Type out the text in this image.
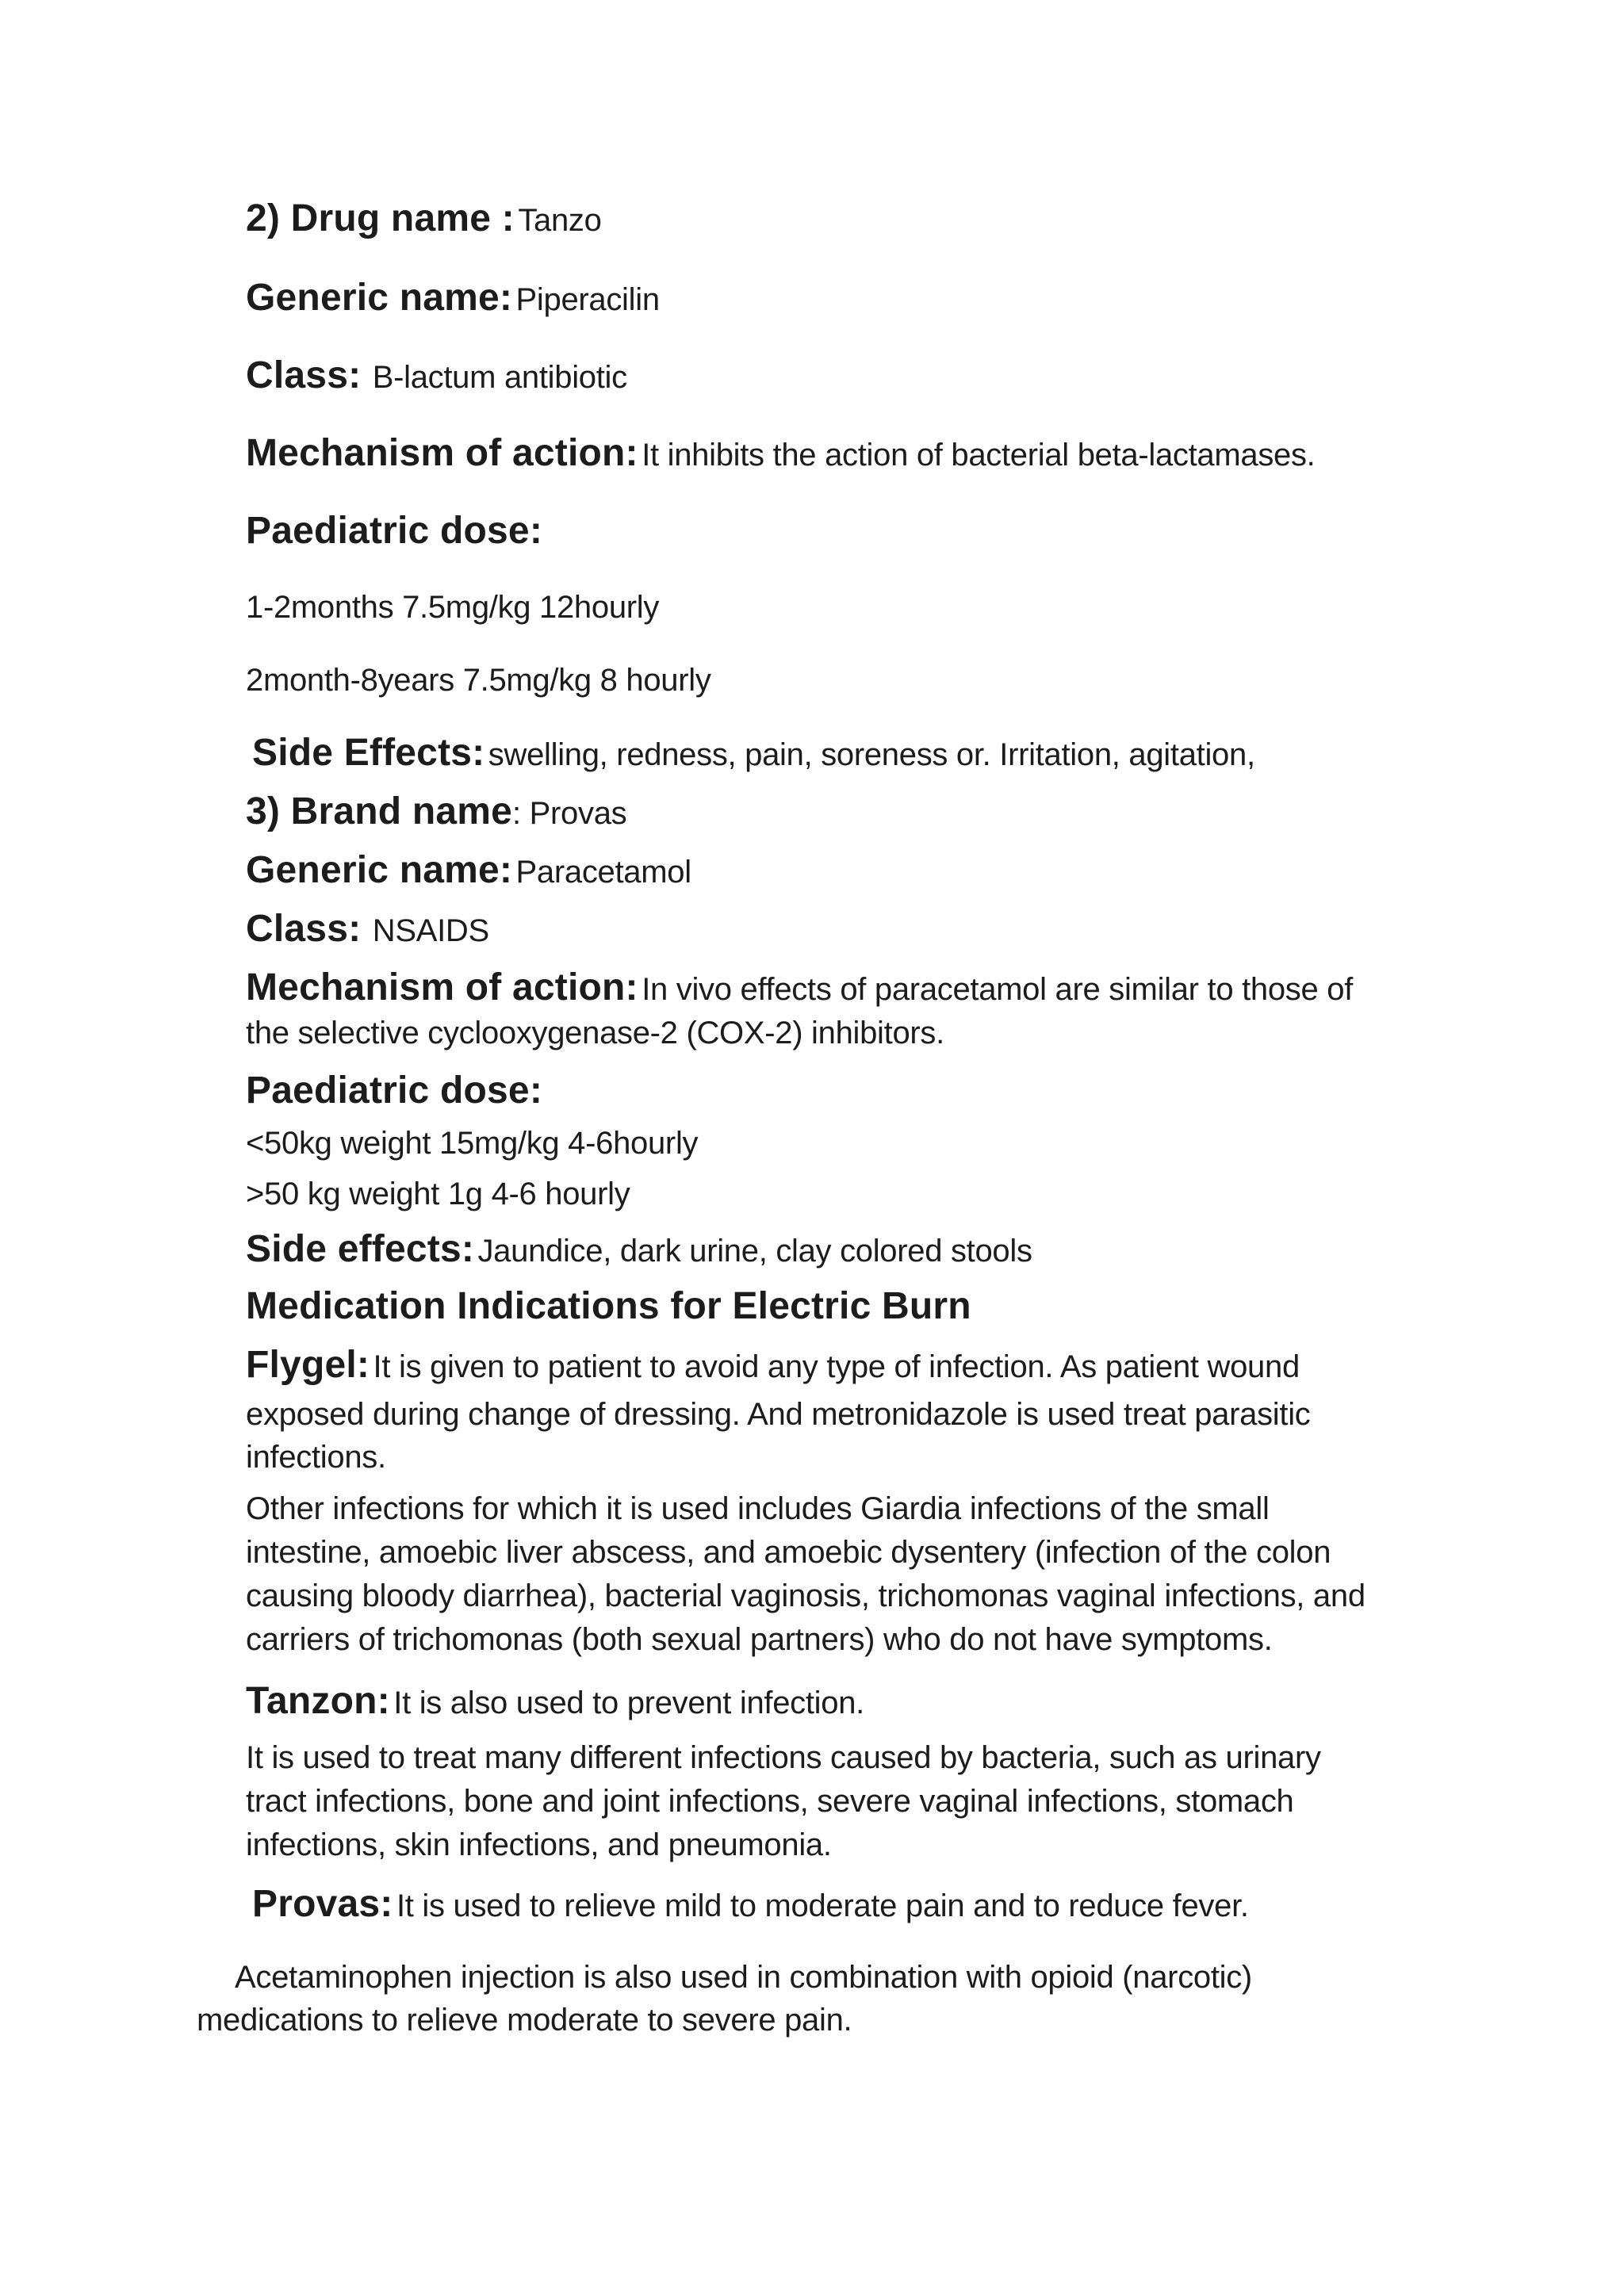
2) Drug name : Tanzo
Generic name: Piperacilin
Class: B-lactum antibiotic
Mechanism of action: It inhibits the action of bacterial beta-lactamases.
Paediatric dose:
1-2months 7.5mg/kg 12hourly
2month-8years 7.5mg/kg 8 hourly
Side Effects: swelling, redness, pain, soreness or. Irritation, agitation,
3) Brand name: Provas
Generic name: Paracetamol
Class: NSAIDS
Mechanism of action: In vivo effects of paracetamol are similar to those of
the selective cyclooxygenase-2 (COX-2) inhibitors.
Paediatric dose:
<50kg weight 15mg/kg 4-6hourly
>50 kg weight 1g 4-6 hourly
Side effects: Jaundice, dark urine, clay colored stools
Medication Indications for Electric Burn
Flygel: It is given to patient to avoid any type of infection. As patient wound
exposed during change of dressing. And metronidazole is used treat parasitic
infections.
Other infections for which it is used includes Giardia infections of the small
intestine, amoebic liver abscess, and amoebic dysentery (infection of the colon
causing bloody diarrhea), bacterial vaginosis, trichomonas vaginal infections, and
carriers of trichomonas (both sexual partners) who do not have symptoms.
Tanzon: It is also used to prevent infection.
It is used to treat many different infections caused by bacteria, such as urinary
tract infections, bone and joint infections, severe vaginal infections, stomach
infections, skin infections, and pneumonia.
Provas: It is used to relieve mild to moderate pain and to reduce fever.
Acetaminophen injection is also used in combination with opioid (narcotic)
medications to relieve moderate to severe pain.
